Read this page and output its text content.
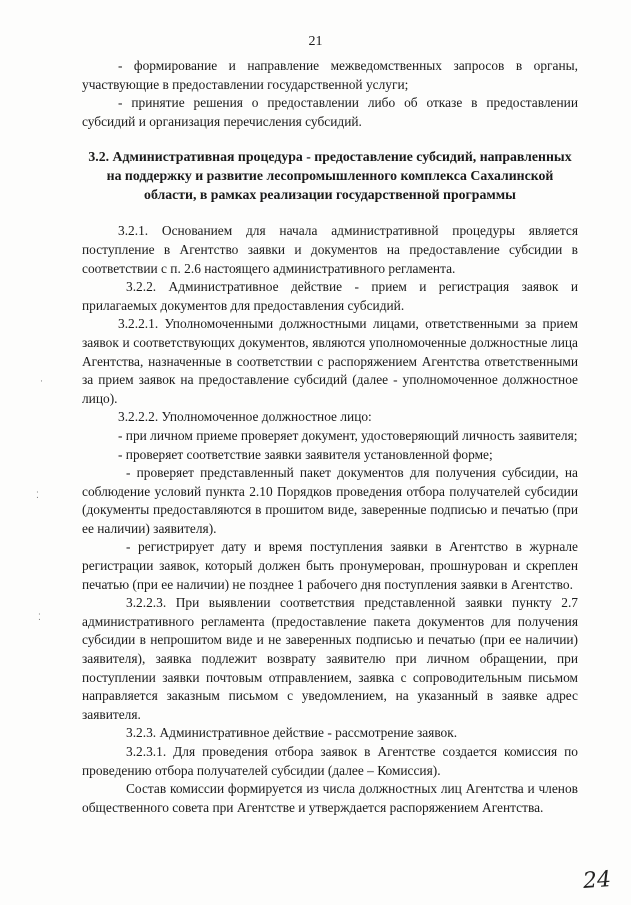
21
·
⁚
⁚

- формирование и направление межведомственных запросов в органы, участвующие в предоставлении государственной услуги;

- принятие решения о предоставлении либо об отказе в предоставлении субсидий и организация перечисления субсидий.

3.2. Административная процедура - предоставление субсидий, направленных на поддержку и развитие лесопромышленного комплекса Сахалинской области, в рамках реализации государственной программы

3.2.1. Основанием для начала административной процедуры является поступление в Агентство заявки и документов на предоставление субсидии в соответствии с п. 2.6 настоящего административного регламента.

3.2.2. Административное действие - прием и регистрация заявок и прилагаемых документов для предоставления субсидий.

3.2.2.1. Уполномоченными должностными лицами, ответственными за прием заявок и соответствующих документов, являются уполномоченные должностные лица Агентства, назначенные в соответствии с распоряжением Агентства ответственными за прием заявок на предоставление субсидий (далее - уполномоченное должностное лицо).

3.2.2.2. Уполномоченное должностное лицо:

- при личном приеме проверяет документ, удостоверяющий личность заявителя;

- проверяет соответствие заявки заявителя установленной форме;

- проверяет представленный пакет документов для получения субсидии, на соблюдение условий пункта 2.10 Порядков проведения отбора получателей субсидии (документы предоставляются в прошитом виде, заверенные подписью и печатью (при ее наличии) заявителя).

- регистрирует дату и время поступления заявки в Агентство в журнале регистрации заявок, который должен быть пронумерован, прошнурован и скреплен печатью (при ее наличии) не позднее 1 рабочего дня поступления заявки в Агентство.

3.2.2.3. При выявлении соответствия представленной заявки пункту 2.7 административного регламента (предоставление пакета документов для получения субсидии в непрошитом виде и не заверенных подписью и печатью (при ее наличии) заявителя), заявка подлежит возврату заявителю при личном обращении, при поступлении заявки почтовым отправлением, заявка с сопроводительным письмом направляется заказным письмом с уведомлением, на указанный в заявке адрес заявителя.

3.2.3. Административное действие - рассмотрение заявок.

3.2.3.1. Для проведения отбора заявок в Агентстве создается комиссия по проведению отбора получателей субсидии (далее – Комиссия).

Состав комиссии формируется из числа должностных лиц Агентства и членов общественного совета при Агентстве и утверждается распоряжением Агентства.

24
